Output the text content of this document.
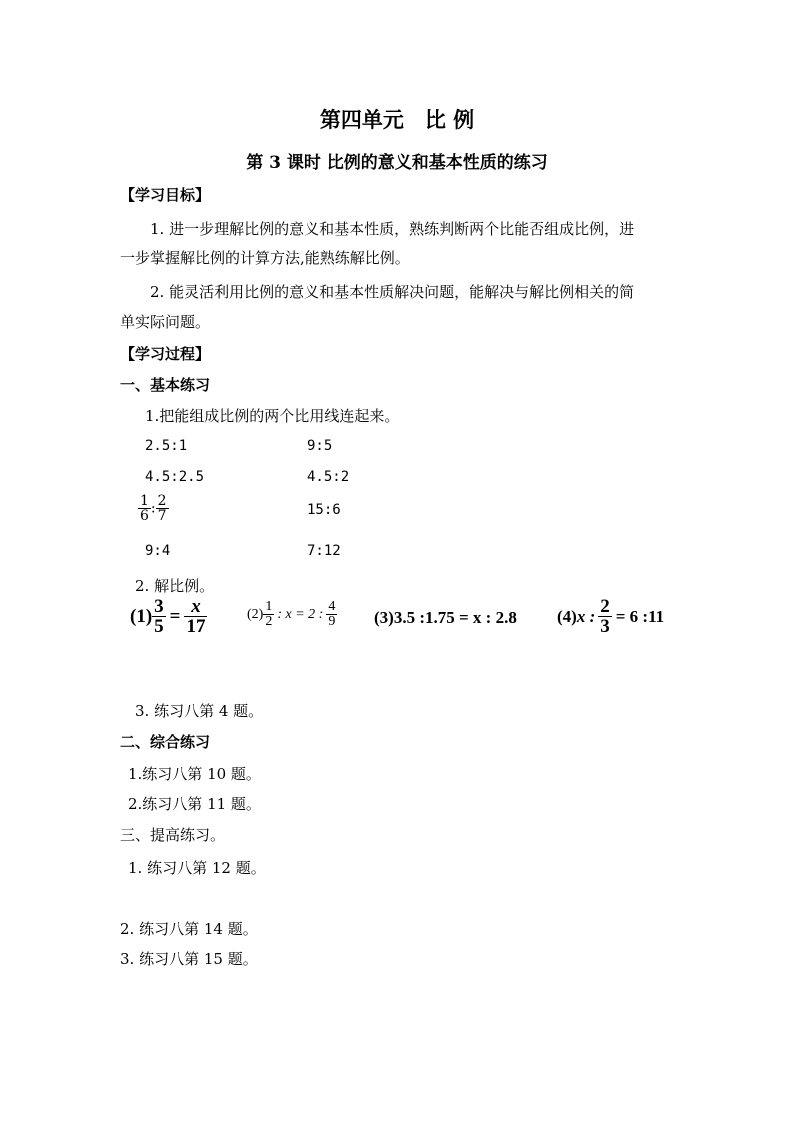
第四单元　比 例
第 3 课时 比例的意义和基本性质的练习
【学习目标】
1. 进一步理解比例的意义和基本性质，熟练判断两个比能否组成比例，进
一步掌握解比例的计算方法,能熟练解比例。
2. 能灵活利用比例的意义和基本性质解决问题，能解决与解比例相关的简
单实际问题。
【学习过程】
一、基本练习
1.把能组成比例的两个比用线连起来。
2.5:1
4.5:2.5
$\frac{1}{6}$ : $\frac{2}{7}$
9:4
9:5
4.5:2
15:6
7:12
2. 解比例。
$(1) \frac{3}{5} = \frac{x}{17}$	$(2) \frac{1}{2}$ : x = 2 : $\frac{4}{9} (3)3.5$ :1.75 = x : 2.8 (4) x : $\frac{2}{3} = 6$ :11
3. 练习八第 4 题。
二、综合练习
1.练习八第 10 题。
2.练习八第 11 题。
三、提高练习。
1. 练习八第 12 题。
2. 练习八第 14 题。
3. 练习八第 15 题。
